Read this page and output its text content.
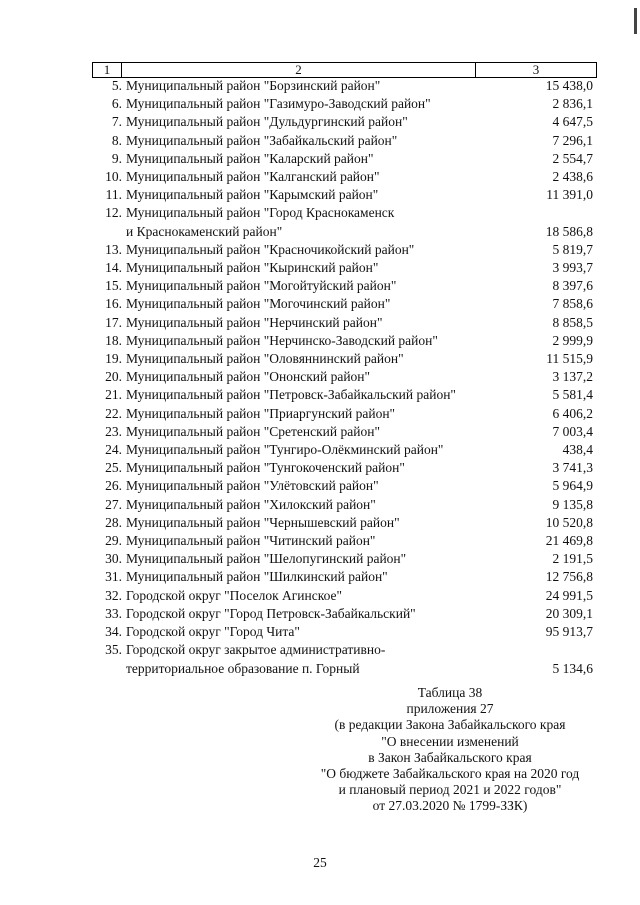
1	2	3
5. Муниципальный район "Борзинский район"	15 438,0
6. Муниципальный район "Газимуро-Заводский район"	2 836,1
7. Муниципальный район "Дульдургинский район"	4 647,5
8. Муниципальный район "Забайкальский район"	7 296,1
9. Муниципальный район "Каларский район"	2 554,7
10. Муниципальный район "Калганский район"	2 438,6
11. Муниципальный район "Карымский район"	11 391,0
12. Муниципальный район "Город Краснокаменск
и Краснокаменский район"	18 586,8
13. Муниципальный район "Красночикойский район"	5 819,7
14. Муниципальный район "Кыринский район"	3 993,7
15. Муниципальный район "Могойтуйский район"	8 397,6
16. Муниципальный район "Могочинский район"	7 858,6
17. Муниципальный район "Нерчинский район"	8 858,5
18. Муниципальный район "Нерчинско-Заводский район"	2 999,9
19. Муниципальный район "Оловяннинский район"	11 515,9
20. Муниципальный район "Ононский район"	3 137,2
21. Муниципальный район "Петровск-Забайкальский район"	5 581,4
22. Муниципальный район "Приаргунский район"	6 406,2
23. Муниципальный район "Сретенский район"	7 003,4
24. Муниципальный район "Тунгиро-Олёкминский район"	438,4
25. Муниципальный район "Тунгокоченский район"	3 741,3
26. Муниципальный район "Улётовский район"	5 964,9
27. Муниципальный район "Хилокский район"	9 135,8
28. Муниципальный район "Чернышевский район"	10 520,8
29. Муниципальный район "Читинский район"	21 469,8
30. Муниципальный район "Шелопугинский район"	2 191,5
31. Муниципальный район "Шилкинский район"	12 756,8
32. Городской округ "Поселок Агинское"	24 991,5
33. Городской округ "Город Петровск-Забайкальский"	20 309,1
34. Городской округ "Город Чита"	95 913,7
35. Городской округ закрытое административно-
территориальное образование п. Горный	5 134,6
Таблица 38
приложения 27
(в редакции Закона Забайкальского края
"О внесении изменений
в Закон Забайкальского края
"О бюджете Забайкальского края на 2020 год
и плановый период 2021 и 2022 годов"
от 27.03.2020 № 1799-ЗЗК)
25
